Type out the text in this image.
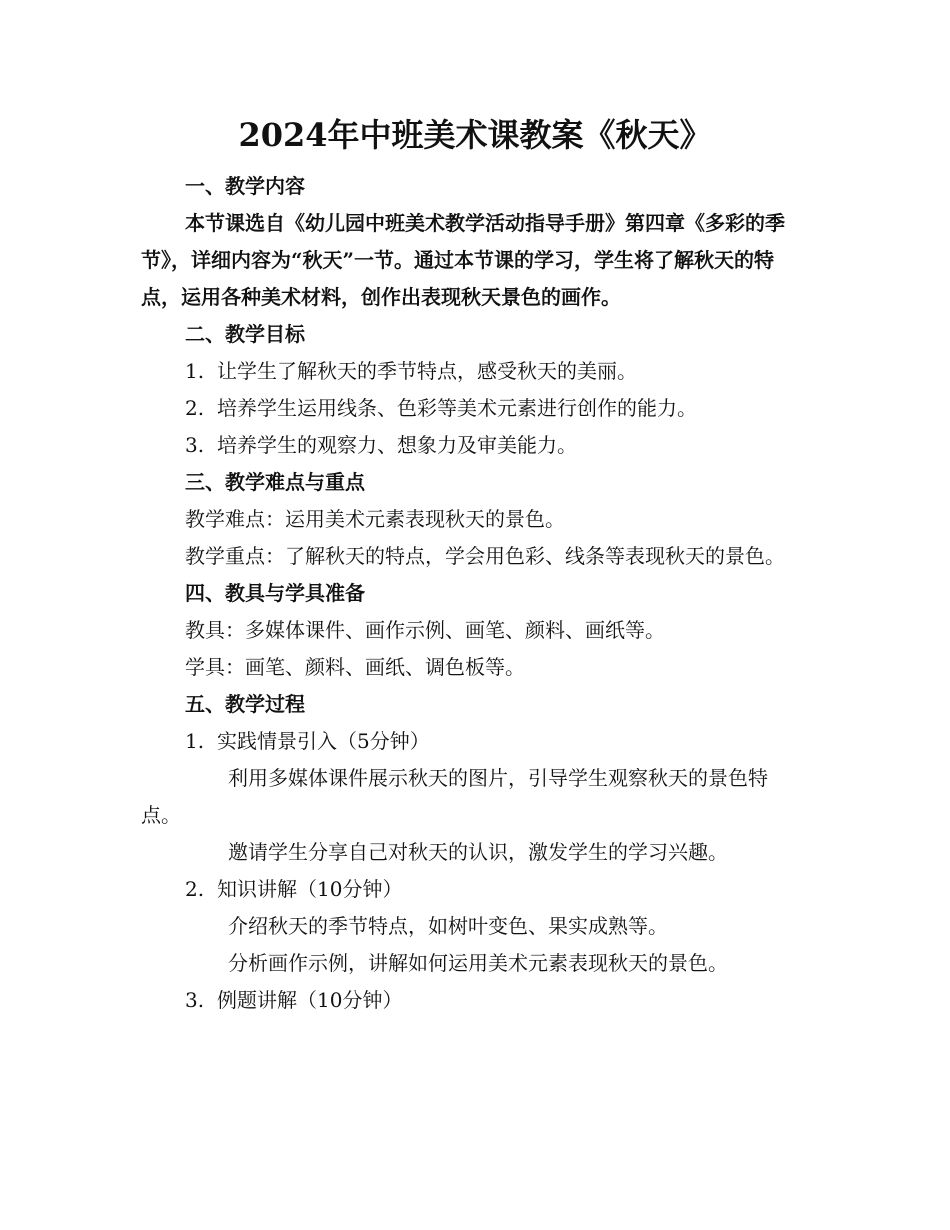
2024年中班美术课教案《秋天》

一、教学内容

本节课选自《幼儿园中班美术教学活动指导手册》第四章《多彩的季节》，详细内容为“秋天”一节。通过本节课的学习，学生将了解秋天的特点，运用各种美术材料，创作出表现秋天景色的画作。

二、教学目标

1. 让学生了解秋天的季节特点，感受秋天的美丽。

2. 培养学生运用线条、色彩等美术元素进行创作的能力。

3. 培养学生的观察力、想象力及审美能力。

三、教学难点与重点

教学难点：运用美术元素表现秋天的景色。

教学重点：了解秋天的特点，学会用色彩、线条等表现秋天的景色。

四、教具与学具准备

教具：多媒体课件、画作示例、画笔、颜料、画纸等。

学具：画笔、颜料、画纸、调色板等。

五、教学过程

1. 实践情景引入（5分钟）

利用多媒体课件展示秋天的图片，引导学生观察秋天的景色特点。

邀请学生分享自己对秋天的认识，激发学生的学习兴趣。

2. 知识讲解（10分钟）

介绍秋天的季节特点，如树叶变色、果实成熟等。

分析画作示例，讲解如何运用美术元素表现秋天的景色。

3. 例题讲解（10分钟）
